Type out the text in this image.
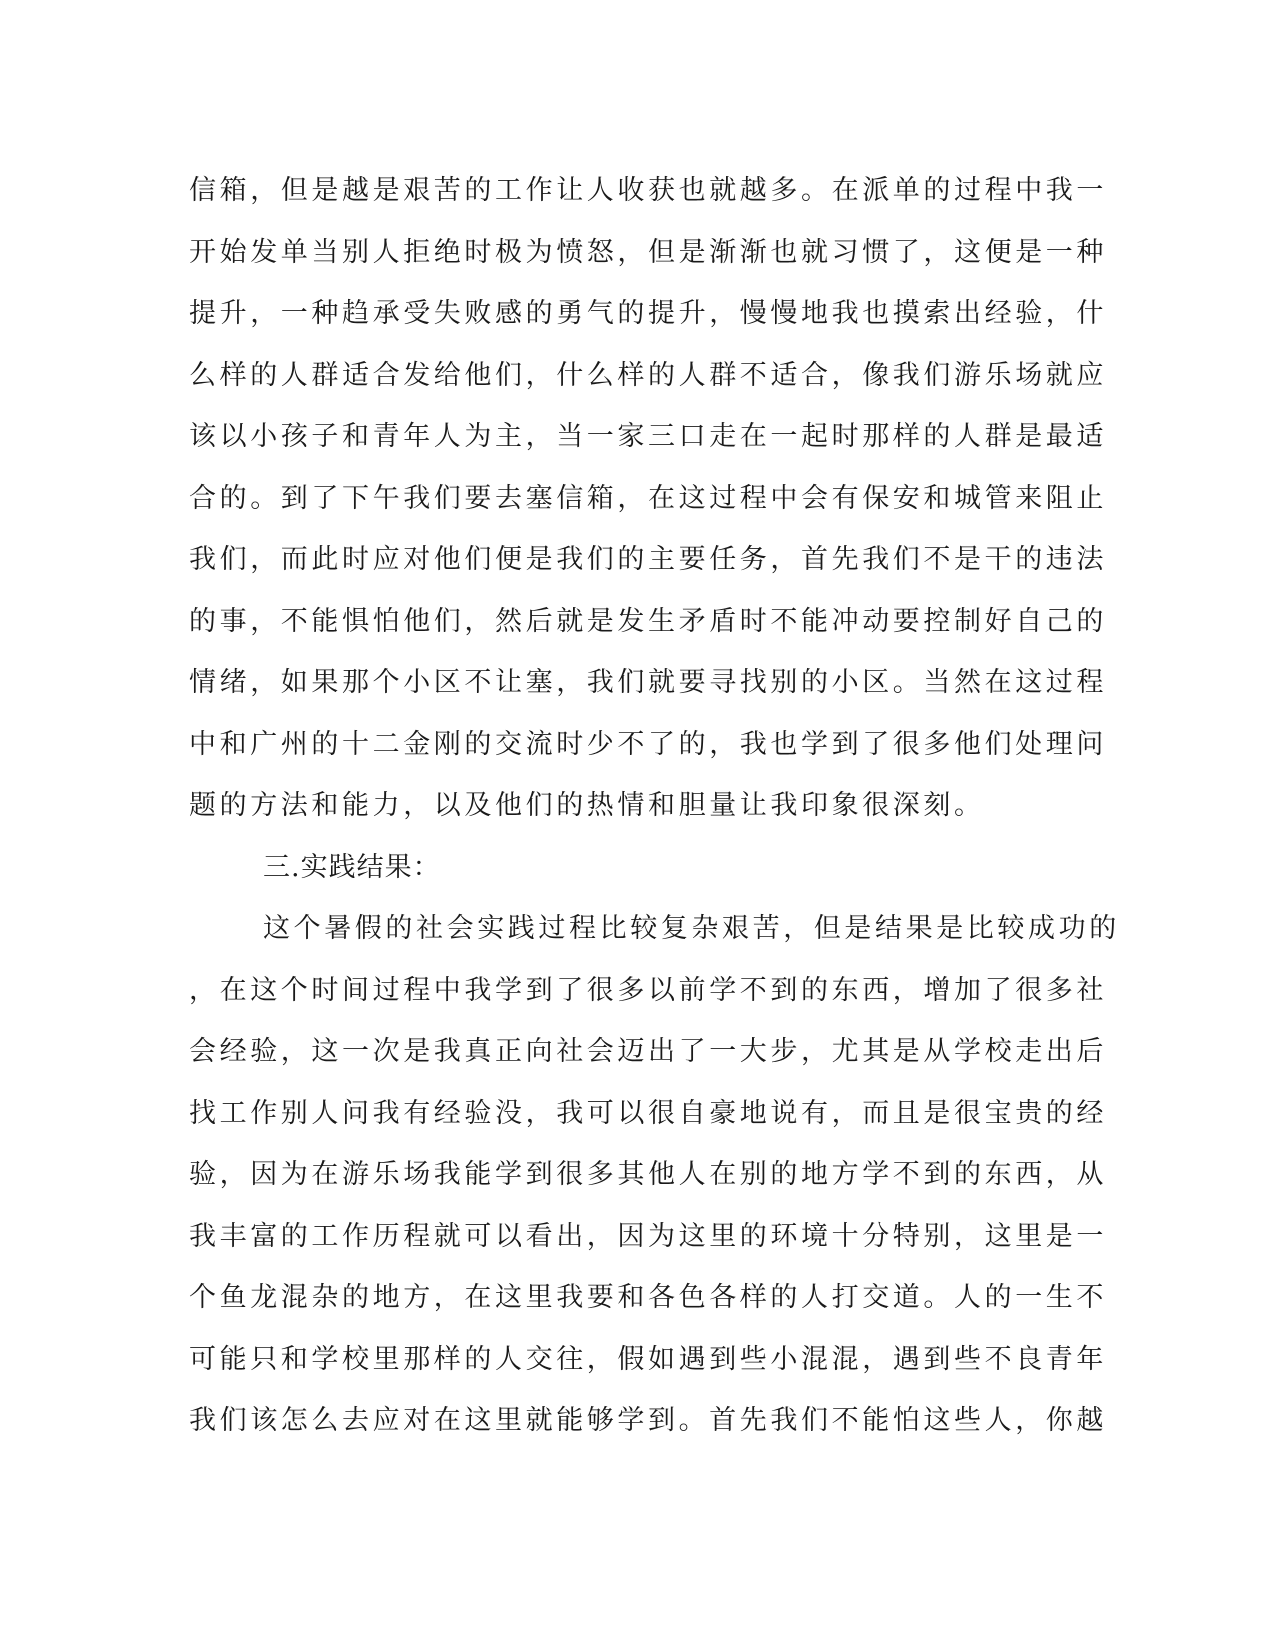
信箱，但是越是艰苦的工作让人收获也就越多。在派单的过程中我一
开始发单当别人拒绝时极为愤怒，但是渐渐也就习惯了，这便是一种
提升，一种趋承受失败感的勇气的提升，慢慢地我也摸索出经验，什
么样的人群适合发给他们，什么样的人群不适合，像我们游乐场就应
该以小孩子和青年人为主，当一家三口走在一起时那样的人群是最适
合的。到了下午我们要去塞信箱，在这过程中会有保安和城管来阻止
我们，而此时应对他们便是我们的主要任务，首先我们不是干的违法
的事，不能惧怕他们，然后就是发生矛盾时不能冲动要控制好自己的
情绪，如果那个小区不让塞，我们就要寻找别的小区。当然在这过程
中和广州的十二金刚的交流时少不了的，我也学到了很多他们处理问
题的方法和能力，以及他们的热情和胆量让我印象很深刻。
三.实践结果：
这个暑假的社会实践过程比较复杂艰苦，但是结果是比较成功的
，在这个时间过程中我学到了很多以前学不到的东西，增加了很多社
会经验，这一次是我真正向社会迈出了一大步，尤其是从学校走出后
找工作别人问我有经验没，我可以很自豪地说有，而且是很宝贵的经
验，因为在游乐场我能学到很多其他人在别的地方学不到的东西，从
我丰富的工作历程就可以看出，因为这里的环境十分特别，这里是一
个鱼龙混杂的地方，在这里我要和各色各样的人打交道。人的一生不
可能只和学校里那样的人交往，假如遇到些小混混，遇到些不良青年
我们该怎么去应对在这里就能够学到。首先我们不能怕这些人，你越
